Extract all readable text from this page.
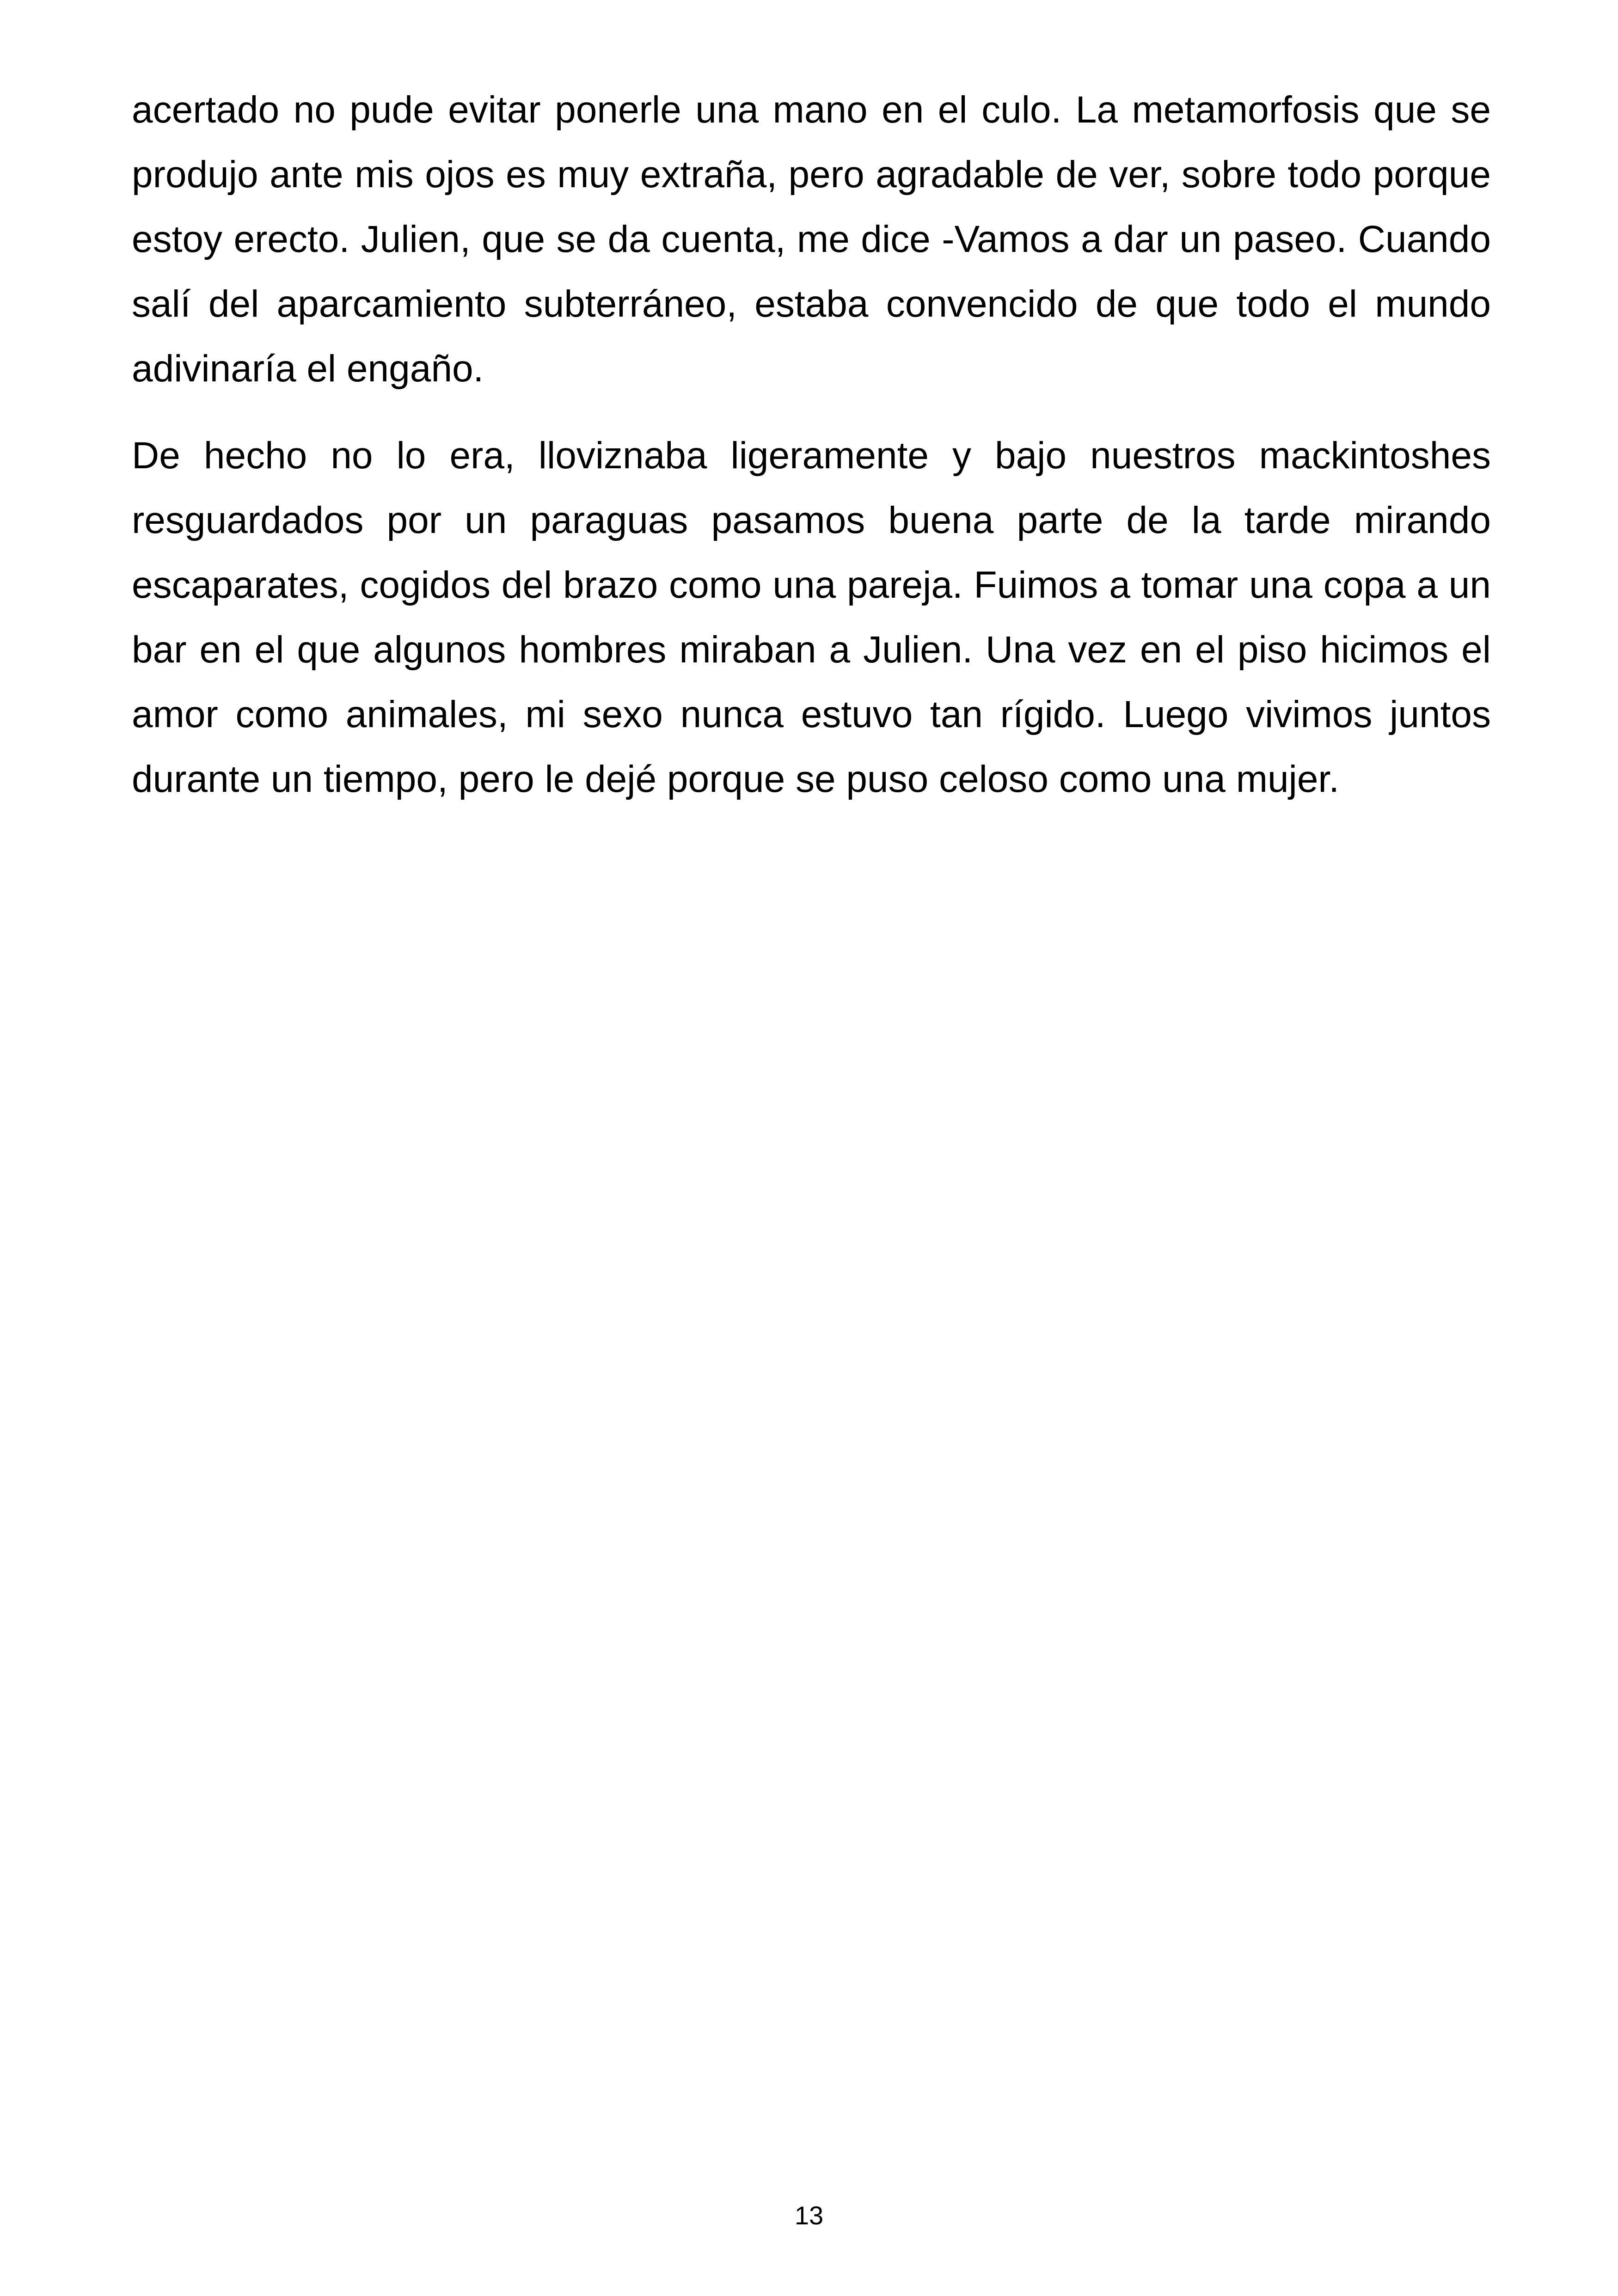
acertado no pude evitar ponerle una mano en el culo. La metamorfosis que se produjo ante mis ojos es muy extraña, pero agradable de ver, sobre todo porque estoy erecto. Julien, que se da cuenta, me dice -Vamos a dar un paseo. Cuando salí del aparcamiento subterráneo, estaba convencido de que todo el mundo adivinaría el engaño.

De hecho no lo era, lloviznaba ligeramente y bajo nuestros mackintoshes resguardados por un paraguas pasamos buena parte de la tarde mirando escaparates, cogidos del brazo como una pareja. Fuimos a tomar una copa a un bar en el que algunos hombres miraban a Julien. Una vez en el piso hicimos el amor como animales, mi sexo nunca estuvo tan rígido. Luego vivimos juntos durante un tiempo, pero le dejé porque se puso celoso como una mujer.

13
